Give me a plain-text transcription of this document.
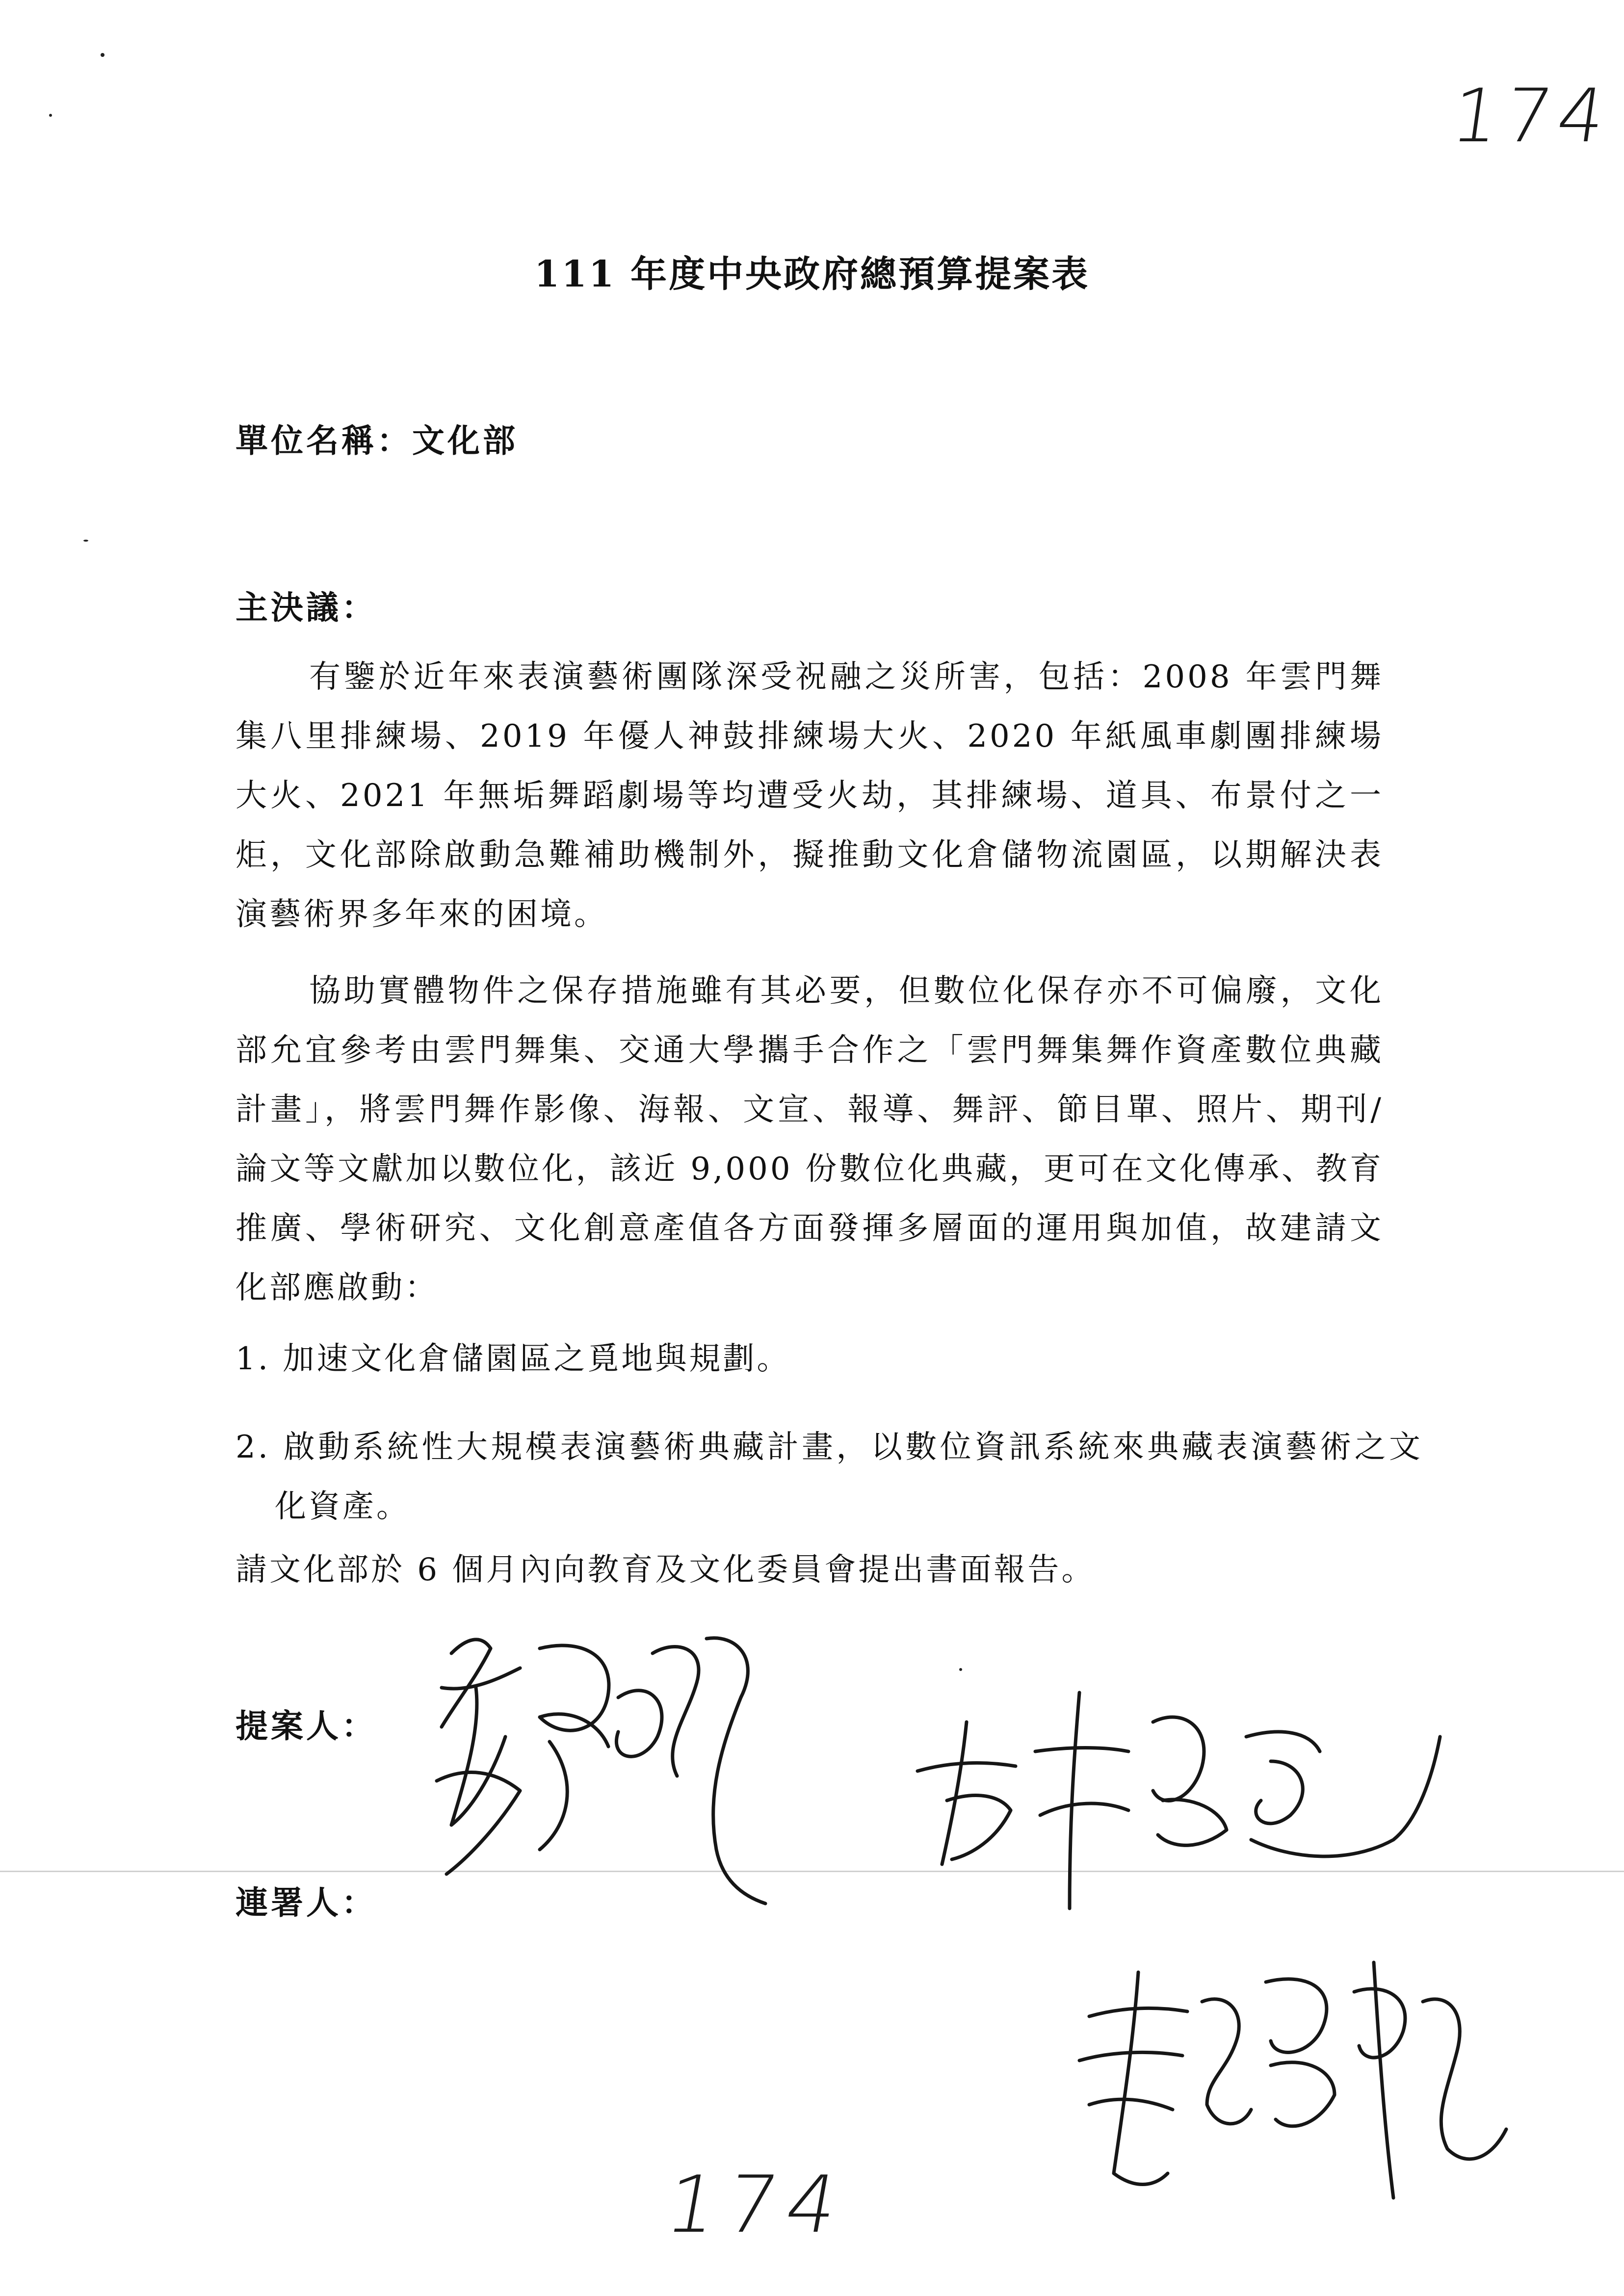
174
111 年度中央政府總預算提案表
單位名稱：文化部
主決議：
有鑒於近年來表演藝術團隊深受祝融之災所害，包括：2008 年雲門舞集八里排練場、2019 年優人神鼓排練場大火、2020 年紙風車劇團排練場大火、2021 年無垢舞蹈劇場等均遭受火劫，其排練場、道具、布景付之一炬，文化部除啟動急難補助機制外，擬推動文化倉儲物流園區，以期解決表演藝術界多年來的困境。
協助實體物件之保存措施雖有其必要，但數位化保存亦不可偏廢，文化部允宜參考由雲門舞集、交通大學攜手合作之「雲門舞集舞作資產數位典藏計畫」，將雲門舞作影像、海報、文宣、報導、舞評、節目單、照片、期刊/論文等文獻加以數位化，該近 9,000 份數位化典藏，更可在文化傳承、教育推廣、學術研究、文化創意產值各方面發揮多層面的運用與加值，故建請文化部應啟動：
1. 加速文化倉儲園區之覓地與規劃。
2. 啟動系統性大規模表演藝術典藏計畫，以數位資訊系統來典藏表演藝術之文化資產。
請文化部於 6 個月內向教育及文化委員會提出書面報告。
提案人：
連署人：
174
